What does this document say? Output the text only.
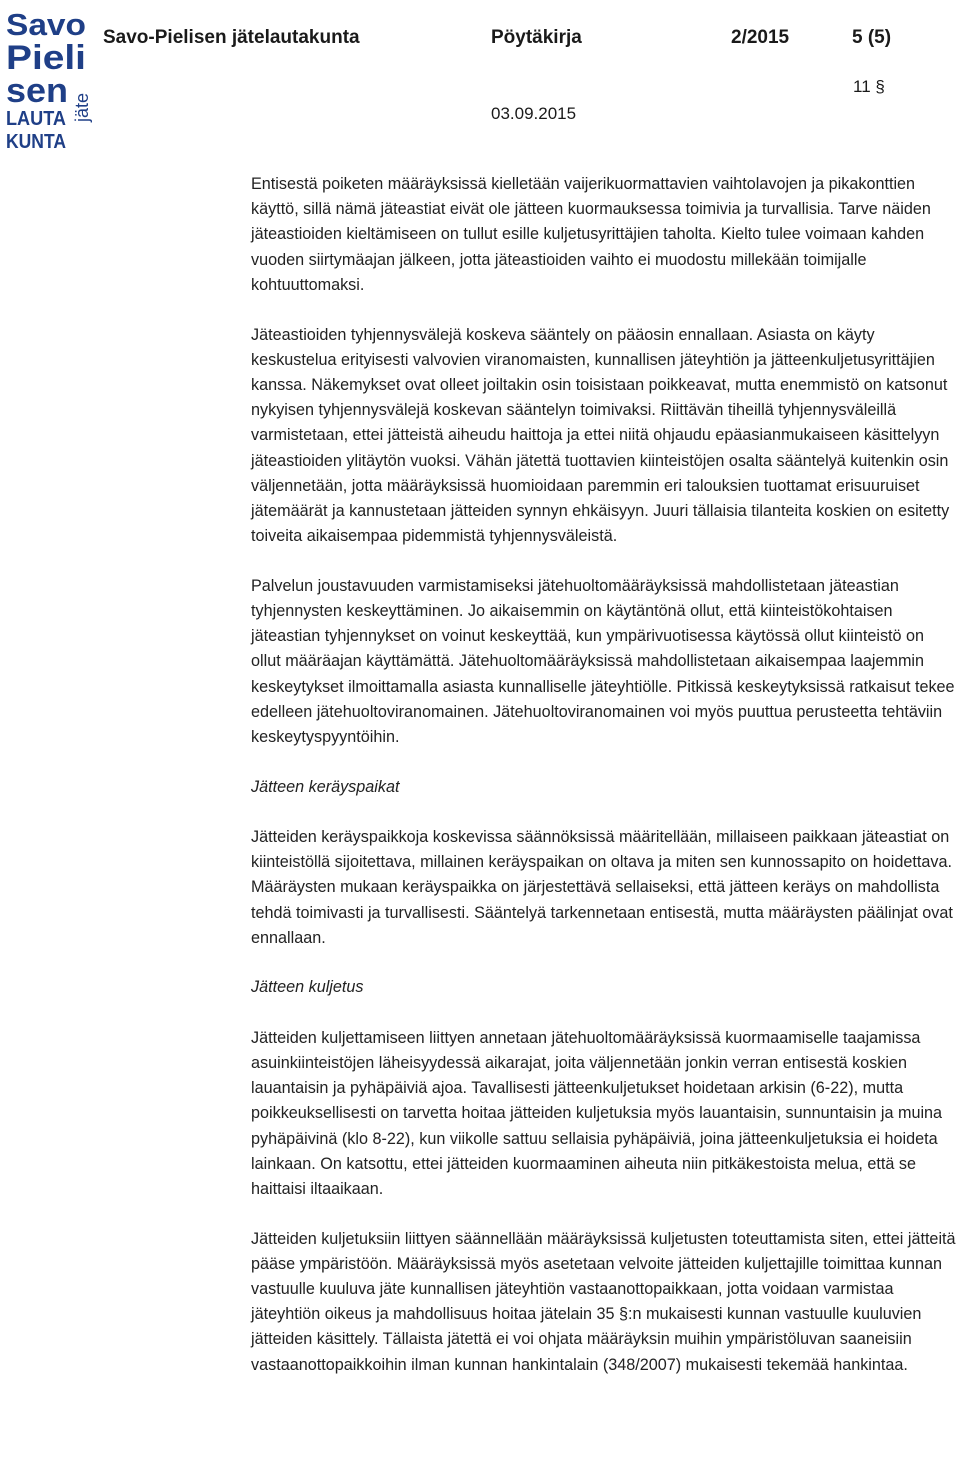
Savo
Pieli
sen
LAUTA
KUNTA
jäte
Savo-Pielisen jätelautakunta	Pöytäkirja	2/2015	5 (5)
11 §
03.09.2015

Entisestä poiketen määräyksissä kielletään vaijerikuormattavien vaihtolavojen ja pikakonttien käyttö, sillä nämä jäteastiat eivät ole jätteen kuormauksessa toimivia ja turvallisia. Tarve näiden jäteastioiden kieltämiseen on tullut esille kuljetusyrittäjien taholta. Kielto tulee voimaan kahden vuoden siirtymäajan jälkeen, jotta jäteastioiden vaihto ei muodostu millekään toimijalle kohtuuttomaksi.

Jäteastioiden tyhjennysvälejä koskeva sääntely on pääosin ennallaan. Asiasta on käyty keskustelua erityisesti valvovien viranomaisten, kunnallisen jäteyhtiön ja jätteenkuljetusyrittäjien kanssa. Näkemykset ovat olleet joiltakin osin toisistaan poikkeavat, mutta enemmistö on katsonut nykyisen tyhjennysvälejä koskevan sääntelyn toimivaksi. Riittävän tiheillä tyhjennysväleillä varmistetaan, ettei jätteistä aiheudu haittoja ja ettei niitä ohjaudu epäasianmukaiseen käsittelyyn jäteastioiden ylitäytön vuoksi. Vähän jätettä tuottavien kiinteistöjen osalta sääntelyä kuitenkin osin väljennetään, jotta määräyksissä huomioidaan paremmin eri talouksien tuottamat erisuuruiset jätemäärät ja kannustetaan jätteiden synnyn ehkäisyyn. Juuri tällaisia tilanteita koskien on esitetty toiveita aikaisempaa pidemmistä tyhjennysväleistä.

Palvelun joustavuuden varmistamiseksi jätehuoltomääräyksissä mahdollistetaan jäteastian tyhjennysten keskeyttäminen. Jo aikaisemmin on käytäntönä ollut, että kiinteistökohtaisen jäteastian tyhjennykset on voinut keskeyttää, kun ympärivuotisessa käytössä ollut kiinteistö on ollut määräajan käyttämättä. Jätehuoltomääräyksissä mahdollistetaan aikaisempaa laajemmin keskeytykset ilmoittamalla asiasta kunnalliselle jäteyhtiölle. Pitkissä keskeytyksissä ratkaisut tekee edelleen jätehuoltoviranomainen. Jätehuoltoviranomainen voi myös puuttua perusteetta tehtäviin keskeytyspyyntöihin.

Jätteen keräyspaikat

Jätteiden keräyspaikkoja koskevissa säännöksissä määritellään, millaiseen paikkaan jäteastiat on kiinteistöllä sijoitettava, millainen keräyspaikan on oltava ja miten sen kunnossapito on hoidettava. Määräysten mukaan keräyspaikka on järjestettävä sellaiseksi, että jätteen keräys on mahdollista tehdä toimivasti ja turvallisesti. Sääntelyä tarkennetaan entisestä, mutta määräysten päälinjat ovat ennallaan.

Jätteen kuljetus

Jätteiden kuljettamiseen liittyen annetaan jätehuoltomääräyksissä kuormaamiselle taajamissa asuinkiinteistöjen läheisyydessä aikarajat, joita väljennetään jonkin verran entisestä koskien lauantaisin ja pyhäpäiviä ajoa. Tavallisesti jätteenkuljetukset hoidetaan arkisin (6-22), mutta poikkeuksellisesti on tarvetta hoitaa jätteiden kuljetuksia myös lauantaisin, sunnuntaisin ja muina pyhäpäivinä (klo 8-22), kun viikolle sattuu sellaisia pyhäpäiviä, joina jätteenkuljetuksia ei hoideta lainkaan. On katsottu, ettei jätteiden kuormaaminen aiheuta niin pitkäkestoista melua, että se haittaisi iltaaikaan.

Jätteiden kuljetuksiin liittyen säännellään määräyksissä kuljetusten toteuttamista siten, ettei jätteitä pääse ympäristöön. Määräyksissä myös asetetaan velvoite jätteiden kuljettajille toimittaa kunnan vastuulle kuuluva jäte kunnallisen jäteyhtiön vastaanottopaikkaan, jotta voidaan varmistaa jäteyhtiön oikeus ja mahdollisuus hoitaa jätelain 35 §:n mukaisesti kunnan vastuulle kuuluvien jätteiden käsittely. Tällaista jätettä ei voi ohjata määräyksin muihin ympäristöluvan saaneisiin vastaanottopaikkoihin ilman kunnan hankintalain (348/2007) mukaisesti tekemää hankintaa.
